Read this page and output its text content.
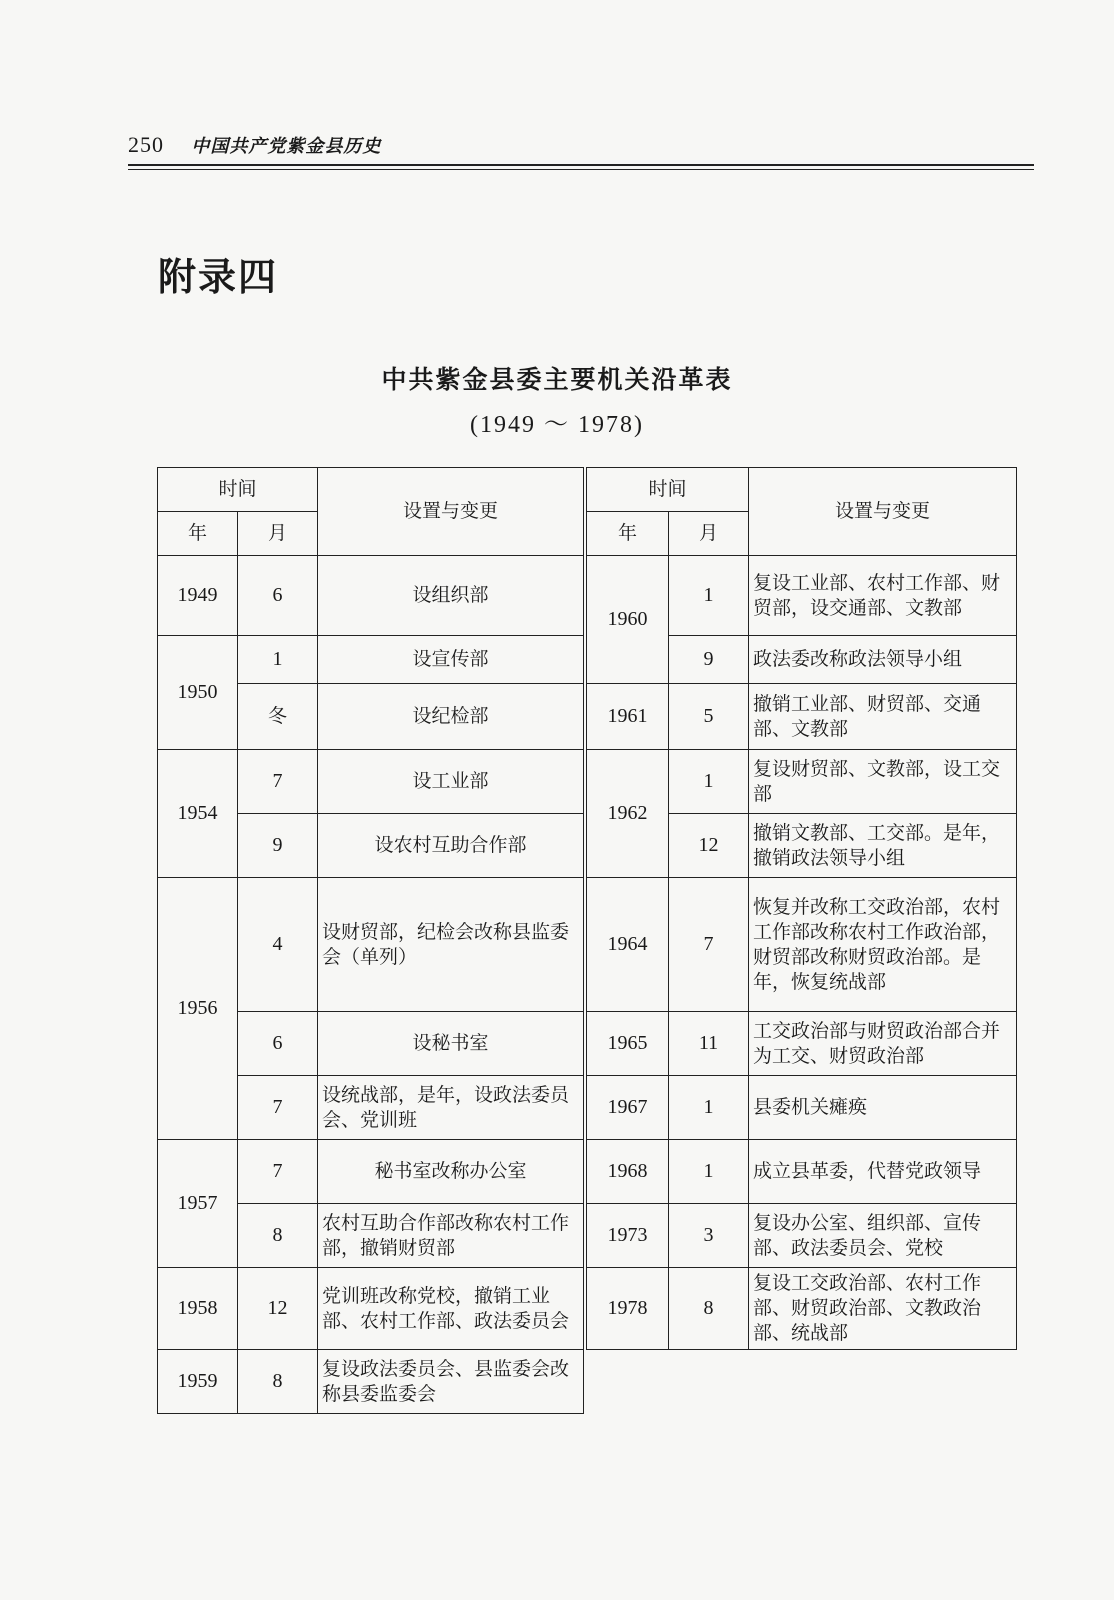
250 中国共产党紫金县历史
附录四
中共紫金县委主要机关沿革表
(1949 ～ 1978)
时间		设置与变更
年	月	
1949	6	设组织部
1950	1	设宣传部
	冬	设纪检部
1954	7	设工业部
	9	设农村互助合作部
1956	4	设财贸部，纪检会改称县监委会（单列）
	6	设秘书室
	7	设统战部，是年，设政法委员会、党训班
1957	7	秘书室改称办公室
	8	农村互助合作部改称农村工作部，撤销财贸部
1958	12	党训班改称党校，撤销工业部、农村工作部、政法委员会
1959	8	复设政法委员会、县监委会改称县委监委会
时间		设置与变更
年	月	
1960	1	复设工业部、农村工作部、财贸部，设交通部、文教部
	9	政法委改称政法领导小组
1961	5	撤销工业部、财贸部、交通部、文教部
1962	1	复设财贸部、文教部，设工交部
	12	撤销文教部、工交部。是年，撤销政法领导小组
1964	7	恢复并改称工交政治部，农村工作部改称农村工作政治部，财贸部改称财贸政治部。是年，恢复统战部
1965	11	工交政治部与财贸政治部合并为工交、财贸政治部
1967	1	县委机关瘫痪
1968	1	成立县革委，代替党政领导
1973	3	复设办公室、组织部、宣传部、政法委员会、党校
1978	8	复设工交政治部、农村工作部、财贸政治部、文教政治部、统战部
